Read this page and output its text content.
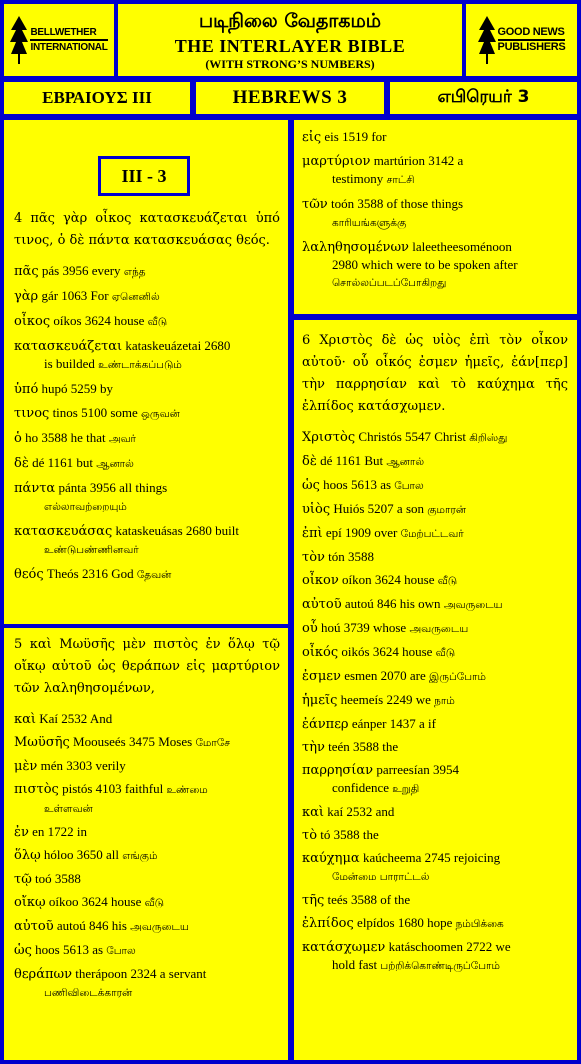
BELLWETHER
INTERNATIONAL
படிநிலை வேதாகமம்
THE INTERLAYER BIBLE
(WITH STRONG’S NUMBERS)
GOOD NEWS
PUBLISHERS
ΕΒΡΑΙΟΥΣ III	HEBREWS 3	எபிரெயர் 3
III - 3
4 πᾶς γὰρ οἶκος κατασκευάζεται ὑπό τινος, ὁ δὲ πάντα κατασκευάσας θεός.
πᾶς pás 3956 every எந்த
γὰρ gár 1063 For ஏனெனில்
οἶκος oíkos 3624 house வீடு
κατασκευάζεται kataskeuázetai 2680
is builded உண்டாக்கப்படும்
ὑπό hupó 5259 by
τινος tinos 5100 some ஒருவன்
ὁ ho 3588 he that அவர்
δὲ dé 1161 but ஆனால்
πάντα pánta 3956 all things
எல்லாவற்றையும்
κατασκευάσας kataskeuásas 2680 built
உண்டுபண்ணினவர்
θεός Theós 2316 God தேவன்
5 καὶ Μωϋσῆς μὲν πιστὸς ἐν ὅλῳ τῷ οἴκῳ αὐτοῦ ὡς θεράπων εἰς μαρτύριον τῶν λαληθησομένων,
καὶ Kaí 2532 And
Μωϋσῆς Moouseés 3475 Moses மோசே
μὲν mén 3303 verily
πιστὸς pistós 4103 faithful உண்மை
உள்ளவன்
ἐν en 1722 in
ὅλῳ hóloo 3650 all எங்கும்
τῷ toó 3588
οἴκῳ oíkoo 3624 house வீடு
αὐτοῦ autoú 846 his அவருடைய
ὡς hoos 5613 as போல
θεράπων therápoon 2324 a servant
பணிவிடைக்காரன்
εἰς eis 1519 for
μαρτύριον martúrion 3142 a
testimony சாட்சி
τῶν toón 3588 of those things
காரியங்களுக்கு
λαληθησομένων laleetheesoménoon
2980 which were to be spoken after சொல்லப்படப்போகிறது
6 Χριστὸς δὲ ὡς υἱὸς ἐπὶ τὸν οἶκον αὐτοῦ· οὗ οἶκός ἐσμεν ἡμεῖς, ἐάν[περ] τὴν παρρησίαν καὶ τὸ καύχημα τῆς ἐλπίδος κατάσχωμεν.
Χριστὸς Christós 5547 Christ கிறிஸ்து
δὲ dé 1161 But ஆனால்
ὡς hoos 5613 as போல
υἱὸς Huiós 5207 a son குமாரன்
ἐπὶ epí 1909 over மேற்பட்டவர்
τὸν tón 3588
οἶκον oíkon 3624 house வீடு
αὐτοῦ autoú 846 his own அவருடைய
οὗ hoú 3739 whose அவருடைய
οἶκός oikós 3624 house வீடு
ἐσμεν esmen 2070 are இருப்போம்
ἡμεῖς heemeís 2249 we நாம்
ἐάνπερ eánper 1437 a if
τὴν teén 3588 the
παρρησίαν parreesían 3954
confidence உறுதி
καὶ kaí 2532 and
τὸ tó 3588 the
καύχημα kaúcheema 2745 rejoicing
மேன்மை பாராட்டல்
τῆς teés 3588 of the
ἐλπίδος elpídos 1680 hope நம்பிக்கை
κατάσχωμεν katáschoomen 2722 we
hold fast பற்றிக்கொண்டிருப்போம்
